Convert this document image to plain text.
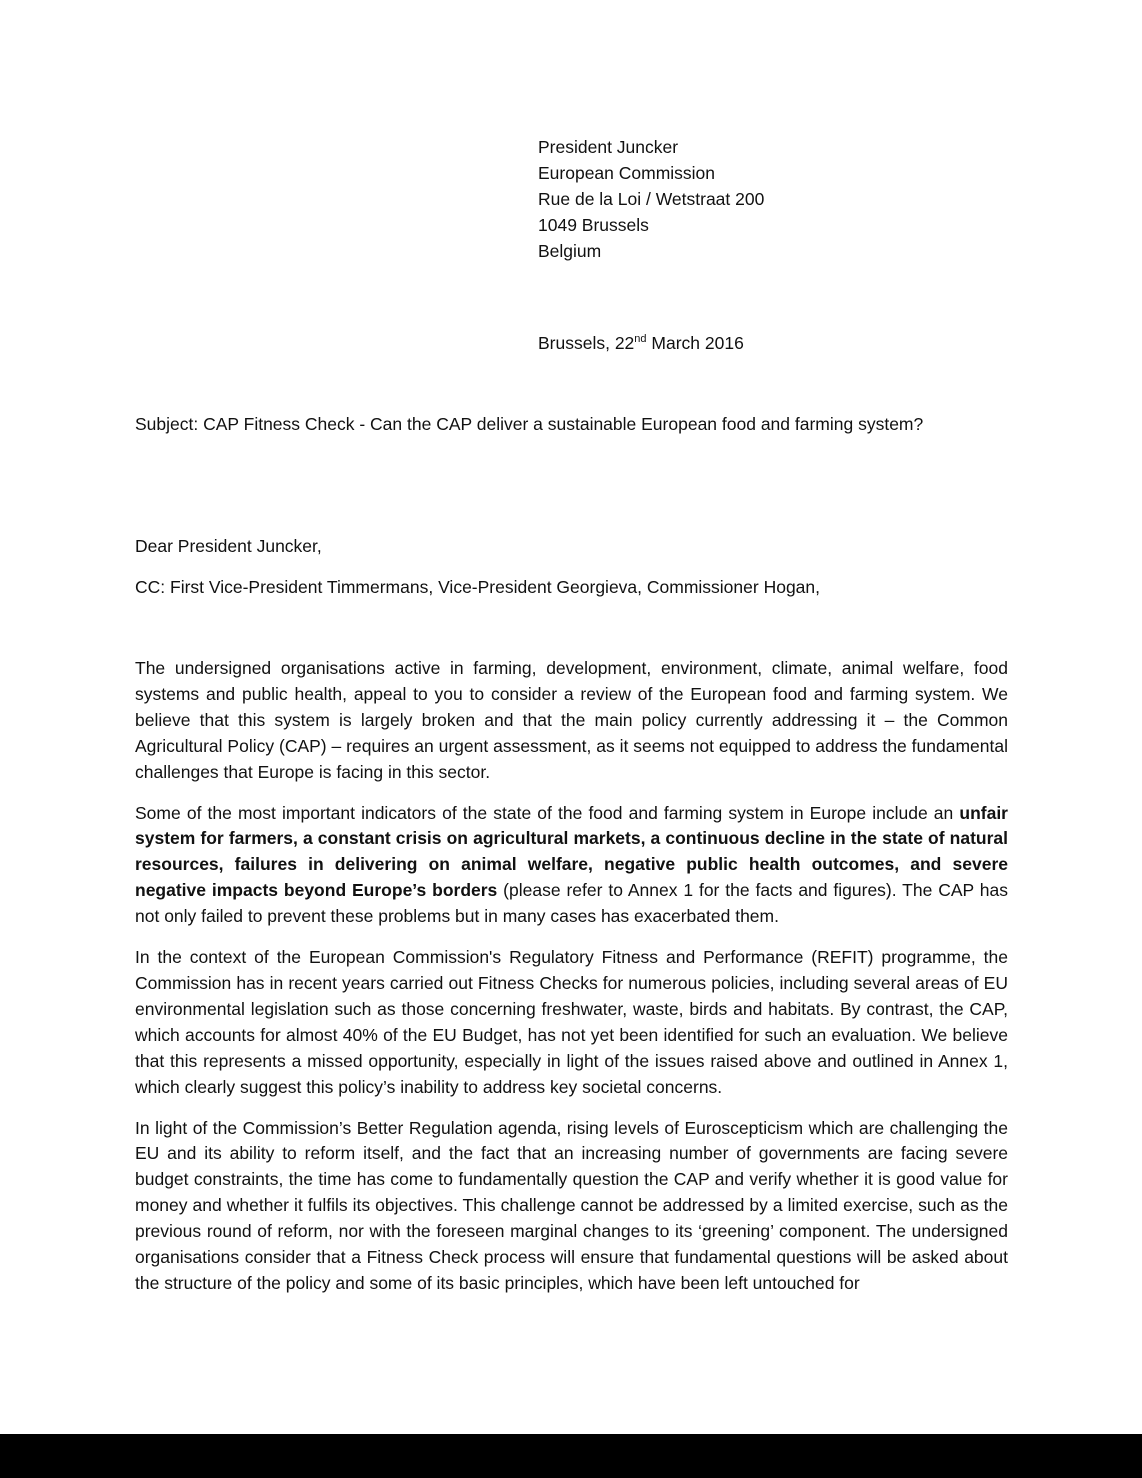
President Juncker
European Commission
Rue de la Loi / Wetstraat 200
1049 Brussels
Belgium
Brussels, 22nd March 2016
Subject: CAP Fitness Check - Can the CAP deliver a sustainable European food and farming system?
Dear President Juncker,
CC: First Vice-President Timmermans, Vice-President Georgieva, Commissioner Hogan,

The undersigned organisations active in farming, development, environment, climate, animal welfare, food systems and public health, appeal to you to consider a review of the European food and farming system. We believe that this system is largely broken and that the main policy currently addressing it – the Common Agricultural Policy (CAP) – requires an urgent assessment, as it seems not equipped to address the fundamental challenges that Europe is facing in this sector.

Some of the most important indicators of the state of the food and farming system in Europe include an unfair system for farmers, a constant crisis on agricultural markets, a continuous decline in the state of natural resources, failures in delivering on animal welfare, negative public health outcomes, and severe negative impacts beyond Europe’s borders (please refer to Annex 1 for the facts and figures). The CAP has not only failed to prevent these problems but in many cases has exacerbated them.

In the context of the European Commission's Regulatory Fitness and Performance (REFIT) programme, the Commission has in recent years carried out Fitness Checks for numerous policies, including several areas of EU environmental legislation such as those concerning freshwater, waste, birds and habitats. By contrast, the CAP, which accounts for almost 40% of the EU Budget, has not yet been identified for such an evaluation. We believe that this represents a missed opportunity, especially in light of the issues raised above and outlined in Annex 1, which clearly suggest this policy’s inability to address key societal concerns.

In light of the Commission’s Better Regulation agenda, rising levels of Euroscepticism which are challenging the EU and its ability to reform itself, and the fact that an increasing number of governments are facing severe budget constraints, the time has come to fundamentally question the CAP and verify whether it is good value for money and whether it fulfils its objectives. This challenge cannot be addressed by a limited exercise, such as the previous round of reform, nor with the foreseen marginal changes to its ‘greening’ component. The undersigned organisations consider that a Fitness Check process will ensure that fundamental questions will be asked about the structure of the policy and some of its basic principles, which have been left untouched for
